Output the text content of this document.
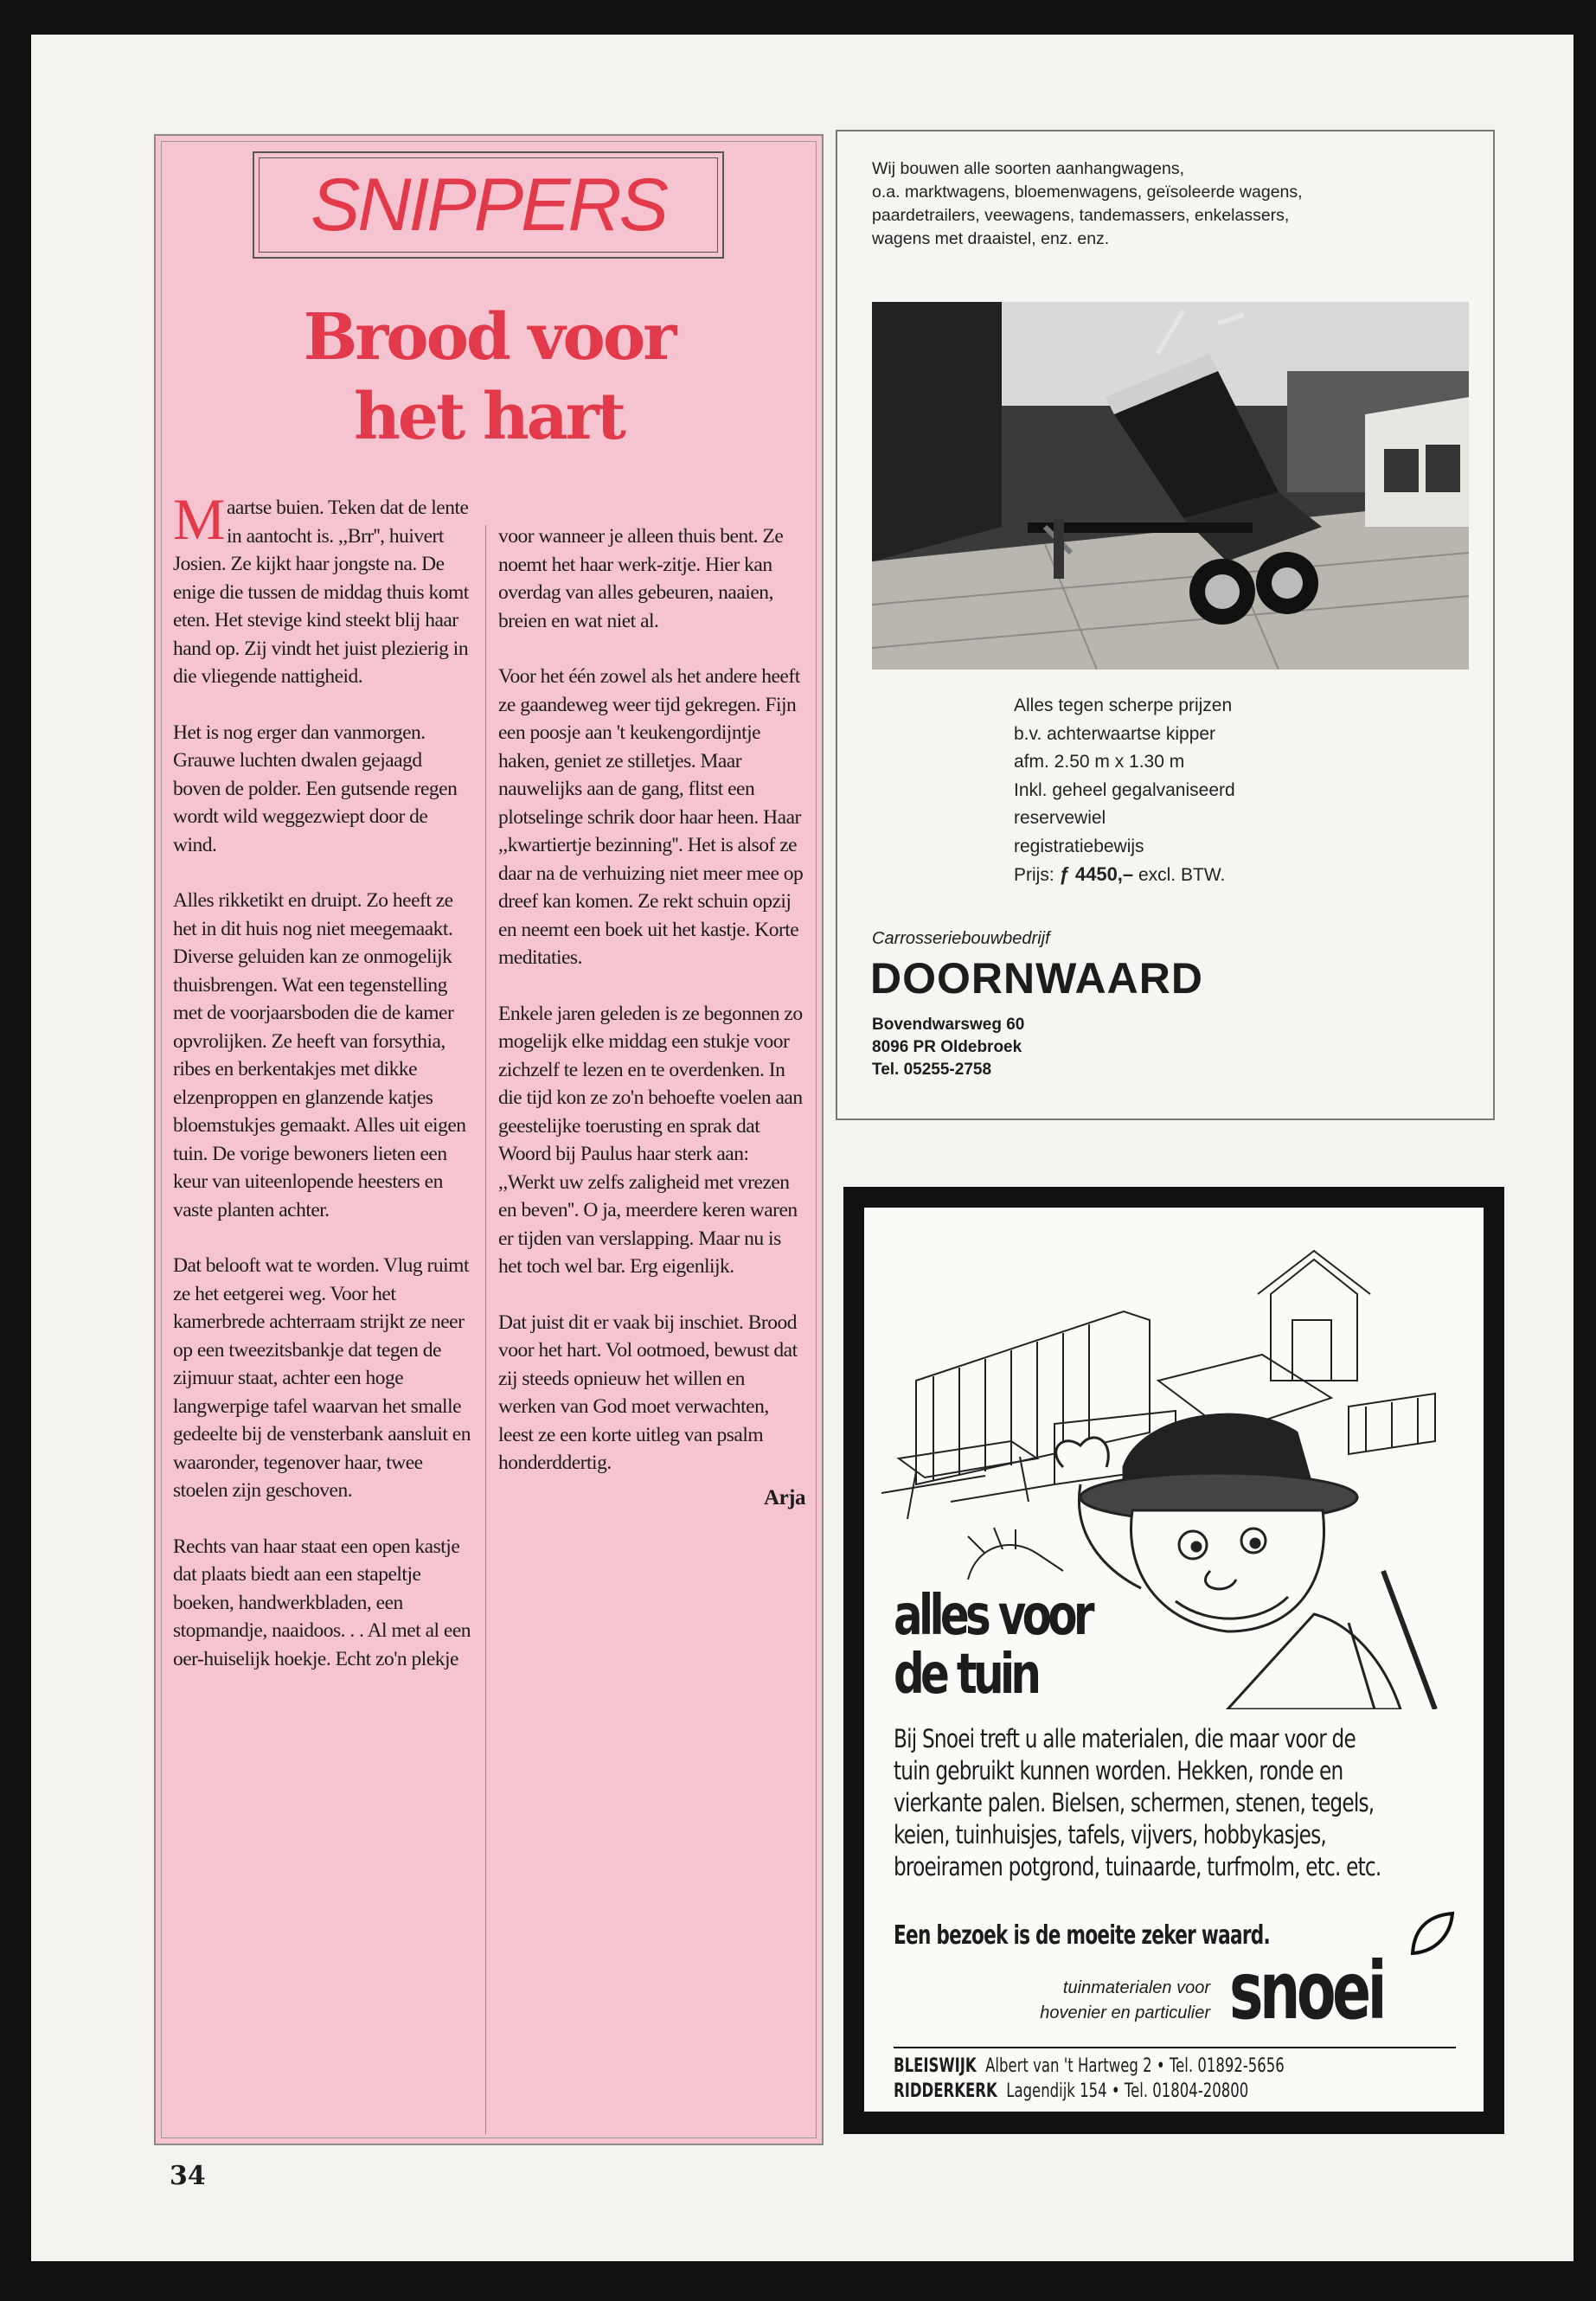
SNIPPERS
Brood voor
het hart

Maartse buien. Teken dat de lente in aantocht is. ,,Brr'', huivert Josien. Ze kijkt haar jongste na. De enige die tussen de middag thuis komt eten. Het stevige kind steekt blij haar hand op. Zij vindt het juist plezierig in die vliegende nattigheid.

Het is nog erger dan vanmorgen. Grauwe luchten dwalen gejaagd boven de polder. Een gutsende regen wordt wild weggezwiept door de wind.

Alles rikketikt en druipt. Zo heeft ze het in dit huis nog niet meegemaakt. Diverse geluiden kan ze onmogelijk thuisbrengen. Wat een tegenstelling met de voorjaarsboden die de kamer opvrolijken. Ze heeft van forsythia, ribes en berkentakjes met dikke elzenproppen en glanzende katjes bloemstukjes gemaakt. Alles uit eigen tuin. De vorige bewoners lieten een keur van uiteenlopende heesters en vaste planten achter.

Dat belooft wat te worden. Vlug ruimt ze het eetgerei weg. Voor het kamerbrede achterraam strijkt ze neer op een tweezitsbankje dat tegen de zijmuur staat, achter een hoge langwerpige tafel waarvan het smalle gedeelte bij de vensterbank aansluit en waaronder, tegenover haar, twee stoelen zijn geschoven.

Rechts van haar staat een open kastje dat plaats biedt aan een stapeltje boeken, handwerkbladen, een stopmandje, naaidoos. . . Al met al een oer-huiselijk hoekje. Echt zo'n plekje

voor wanneer je alleen thuis bent. Ze noemt het haar werk-zitje. Hier kan overdag van alles gebeuren, naaien, breien en wat niet al.

Voor het één zowel als het andere heeft ze gaandeweg weer tijd gekregen. Fijn een poosje aan 't keukengordijntje haken, geniet ze stilletjes. Maar nauwelijks aan de gang, flitst een plotselinge schrik door haar heen. Haar ,,kwartiertje bezinning''. Het is alsof ze daar na de verhuizing niet meer mee op dreef kan komen. Ze rekt schuin opzij en neemt een boek uit het kastje. Korte meditaties.

Enkele jaren geleden is ze begonnen zo mogelijk elke middag een stukje voor zichzelf te lezen en te overdenken. In die tijd kon ze zo'n behoefte voelen aan geestelijke toerusting en sprak dat Woord bij Paulus haar sterk aan: ,,Werkt uw zelfs zaligheid met vrezen en beven''. O ja, meerdere keren waren er tijden van verslapping. Maar nu is het toch wel bar. Erg eigenlijk.

Dat juist dit er vaak bij inschiet. Brood voor het hart. Vol ootmoed, bewust dat zij steeds opnieuw het willen en werken van God moet verwachten, leest ze een korte uitleg van psalm honderddertig.

Arja
34
Wij bouwen alle soorten aanhangwagens,
o.a. marktwagens, bloemenwagens, geïsoleerde wagens,
paardetrailers, veewagens, tandemassers, enkelassers,
wagens met draaistel, enz. enz.
Alles tegen scherpe prijzen
b.v. achterwaartse kipper
afm. 2.50 m x 1.30 m
Inkl. geheel gegalvaniseerd
reservewiel
registratiebewijs
Prijs: ƒ 4450,– excl. BTW.
Carrosseriebouwbedrijf
DOORNWAARD
Bovendwarsweg 60
8096 PR Oldebroek
Tel. 05255-2758
alles voor
de tuin
Bij Snoei treft u alle materialen, die maar voor de tuin gebruikt kunnen worden. Hekken, ronde en vierkante palen. Bielsen, schermen, stenen, tegels, keien, tuinhuisjes, tafels, vijvers, hobbykasjes, broeiramen potgrond, tuinaarde, turfmolm, etc. etc.
Een bezoek is de moeite zeker waard.
tuinmaterialen voor
hovenier en particulier snoei
BLEISWIJK Albert van 't Hartweg 2 • Tel. 01892-5656
RIDDERKERK Lagendijk 154 • Tel. 01804-20800
